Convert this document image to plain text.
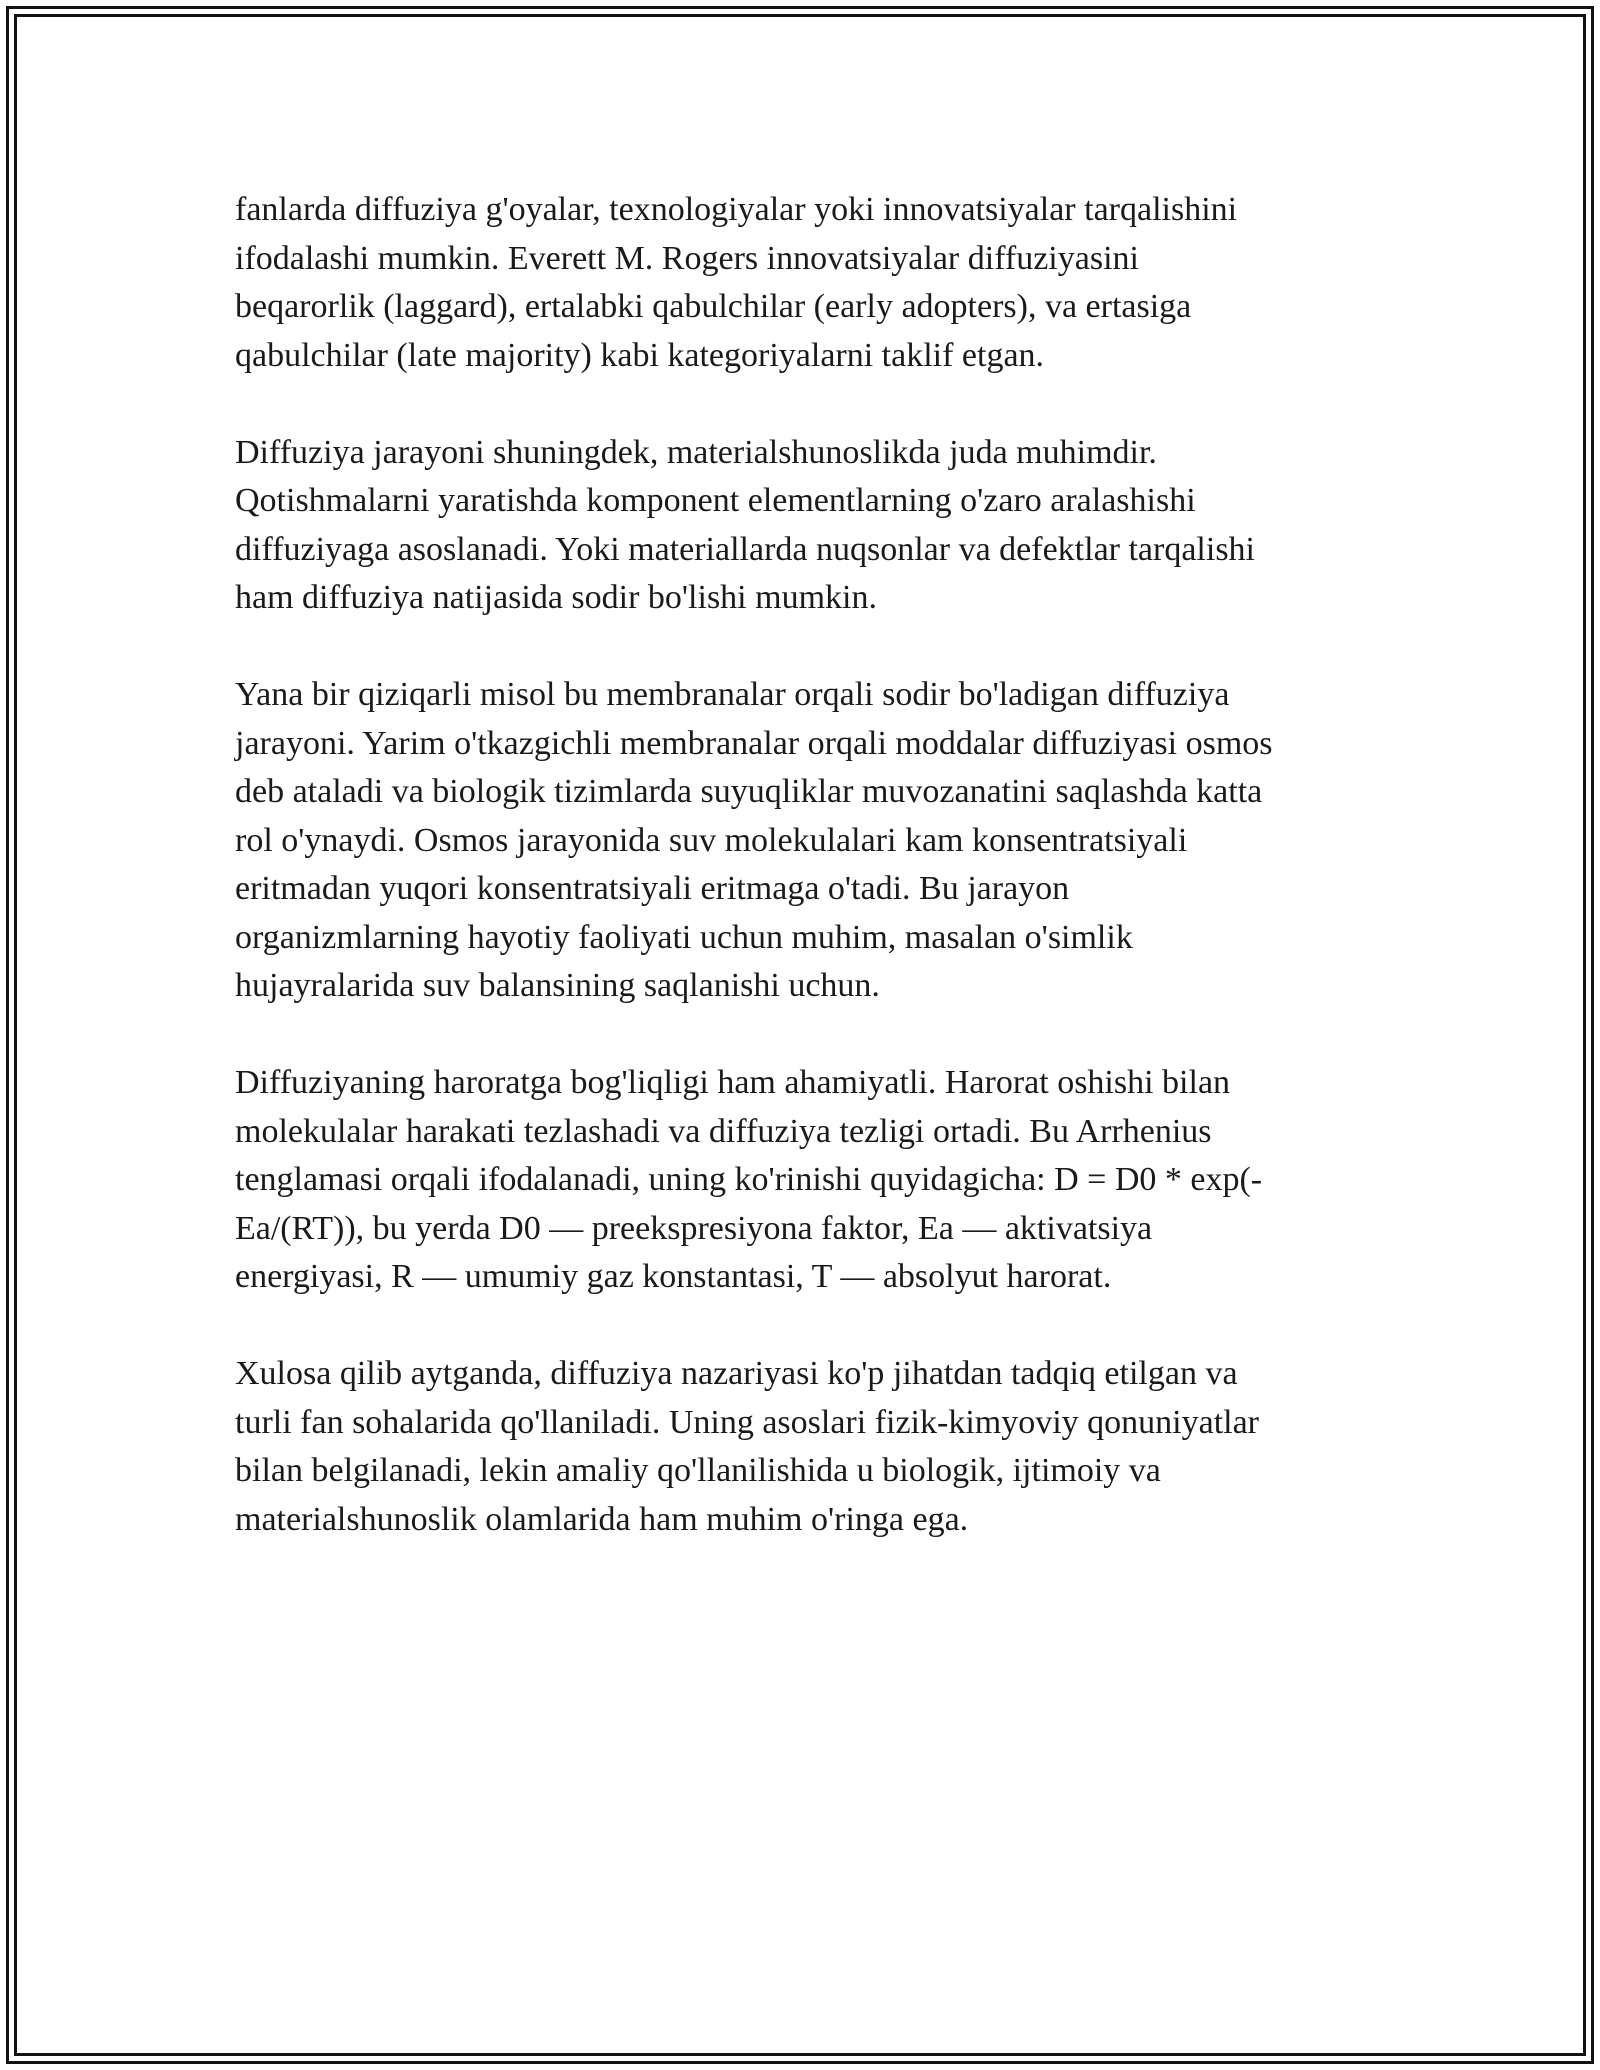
fanlarda diffuziya g'oyalar, texnologiyalar yoki innovatsiyalar tarqalishini
ifodalashi mumkin. Everett M. Rogers innovatsiyalar diffuziyasini
beqarorlik (laggard), ertalabki qabulchilar (early adopters), va ertasiga
qabulchilar (late majority) kabi kategoriyalarni taklif etgan.

Diffuziya jarayoni shuningdek, materialshunoslikda juda muhimdir.
Qotishmalarni yaratishda komponent elementlarning o'zaro aralashishi
diffuziyaga asoslanadi. Yoki materiallarda nuqsonlar va defektlar tarqalishi
ham diffuziya natijasida sodir bo'lishi mumkin.

Yana bir qiziqarli misol bu membranalar orqali sodir bo'ladigan diffuziya
jarayoni. Yarim o'tkazgichli membranalar orqali moddalar diffuziyasi osmos
deb ataladi va biologik tizimlarda suyuqliklar muvozanatini saqlashda katta
rol o'ynaydi. Osmos jarayonida suv molekulalari kam konsentratsiyali
eritmadan yuqori konsentratsiyali eritmaga o'tadi. Bu jarayon
organizmlarning hayotiy faoliyati uchun muhim, masalan o'simlik
hujayralarida suv balansining saqlanishi uchun.

Diffuziyaning haroratga bog'liqligi ham ahamiyatli. Harorat oshishi bilan
molekulalar harakati tezlashadi va diffuziya tezligi ortadi. Bu Arrhenius
tenglamasi orqali ifodalanadi, uning ko'rinishi quyidagicha: D = D0 * exp(-
Ea/(RT)), bu yerda D0 — preekspresiyona faktor, Ea — aktivatsiya
energiyasi, R — umumiy gaz konstantasi, T — absolyut harorat.

Xulosa qilib aytganda, diffuziya nazariyasi ko'p jihatdan tadqiq etilgan va
turli fan sohalarida qo'llaniladi. Uning asoslari fizik-kimyoviy qonuniyatlar
bilan belgilanadi, lekin amaliy qo'llanilishida u biologik, ijtimoiy va
materialshunoslik olamlarida ham muhim o'ringa ega.
